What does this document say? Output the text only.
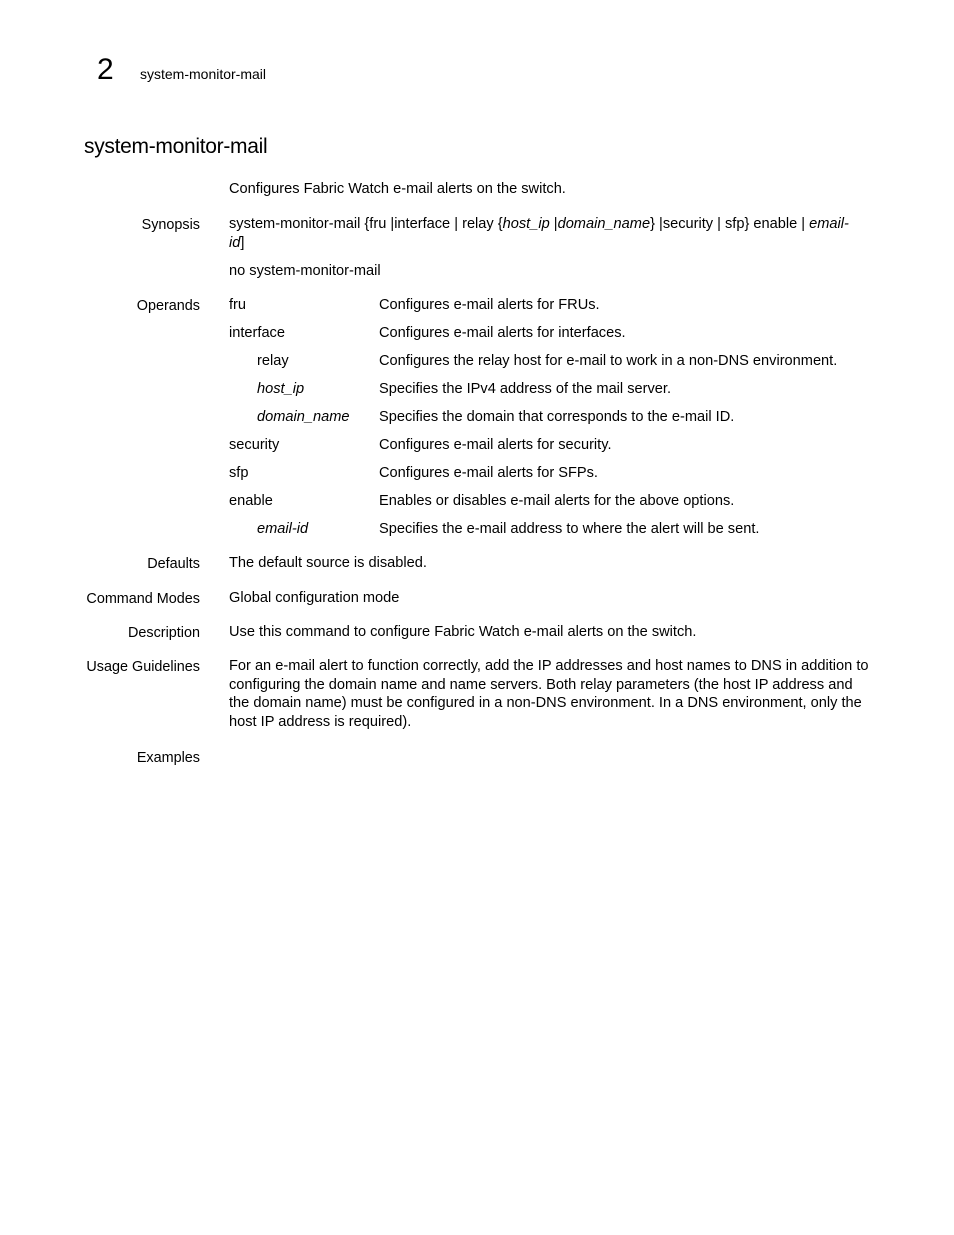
2 system-monitor-mail
system-monitor-mail
Configures Fabric Watch e-mail alerts on the switch.
Synopsis system-monitor-mail {fru |interface | relay {host_ip |domain_name} |security | sfp} enable | email-id]
no system-monitor-mail
Operands fru	Configures e-mail alerts for FRUs.
interface	Configures e-mail alerts for interfaces.
relay	Configures the relay host for e-mail to work in a non-DNS environment.
host_ip	Specifies the IPv4 address of the mail server.
domain_name Specifies the domain that corresponds to the e-mail ID.
security	Configures e-mail alerts for security.
sfp	Configures e-mail alerts for SFPs.
enable	Enables or disables e-mail alerts for the above options.
email-id	Specifies the e-mail address to where the alert will be sent.
Defaults The default source is disabled.
Command Modes Global configuration mode
Description Use this command to configure Fabric Watch e-mail alerts on the switch.
Usage Guidelines For an e-mail alert to function correctly, add the IP addresses and host names to DNS in addition to configuring the domain name and name servers. Both relay parameters (the host IP address and the domain name) must be configured in a non-DNS environment. In a DNS environment, only the host IP address is required).
Examples
